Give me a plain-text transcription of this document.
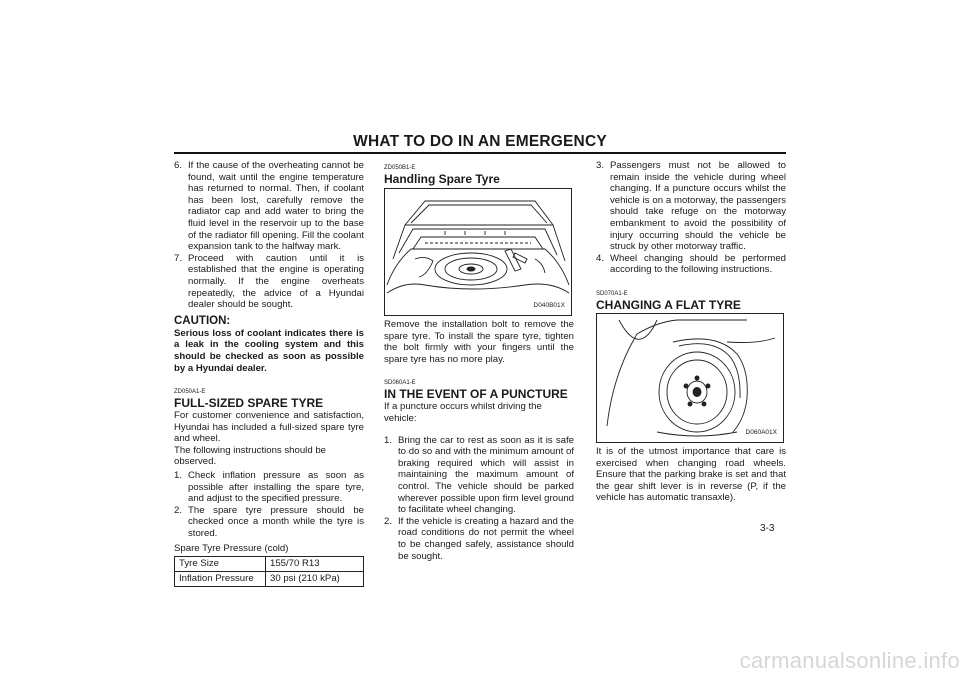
WHAT TO DO IN AN EMERGENCY
6. If the cause of the overheating cannot be found, wait until the engine temperature has returned to normal. Then, if coolant has been lost, carefully remove the radiator cap and add water to bring the fluid level in the reservoir up to the base of the radiator fill opening. Fill the coolant expansion tank to the halfway mark.
7. Proceed with caution until it is established that the engine is operating normally. If the engine overheats repeatedly, the advice of a Hyundai dealer should be sought.
CAUTION:
Serious loss of coolant indicates there is a leak in the cooling system and this should be checked as soon as possible by a Hyundai dealer.
ZD050A1-E
FULL-SIZED SPARE TYRE
For customer convenience and satisfaction, Hyundai has included a full-sized spare tyre and wheel.
The following instructions should be observed.
1. Check inflation pressure as soon as possible after installing the spare tyre, and adjust to the specified pressure.
2. The spare tyre pressure should be checked once a month while the tyre is stored.
Spare Tyre Pressure (cold)
Tyre Size	155/70 R13
Inflation Pressure	30 psi (210 kPa)
ZD050B1-E
Handling Spare Tyre
D040B01X
Remove the installation bolt to remove the spare tyre. To install the spare tyre, tighten the bolt firmly with your fingers until the spare tyre has no more play.
SD060A1-E
IN THE EVENT OF A PUNCTURE
If a puncture occurs whilst driving the vehicle:
1. Bring the car to rest as soon as it is safe to do so and with the minimum amount of braking required which will assist in maintaining the maximum amount of control. The vehicle should be parked wherever possible upon firm level ground to facilitate wheel changing.
2. If the vehicle is creating a hazard and the road conditions do not permit the wheel to be changed safely, assistance should be sought.
3. Passengers must not be allowed to remain inside the vehicle during wheel changing. If a puncture occurs whilst the vehicle is on a motorway, the passengers should take refuge on the motorway embankment to avoid the possibility of injury occurring should the vehicle be struck by other motorway traffic.
4. Wheel changing should be performed according to the following instructions.
SD070A1-E
CHANGING A FLAT TYRE
D060A01X
It is of the utmost importance that care is exercised when changing road wheels. Ensure that the parking brake is set and that the gear shift lever is in reverse (P, if the vehicle has automatic transaxle).
3-3
carmanualsonline.info
